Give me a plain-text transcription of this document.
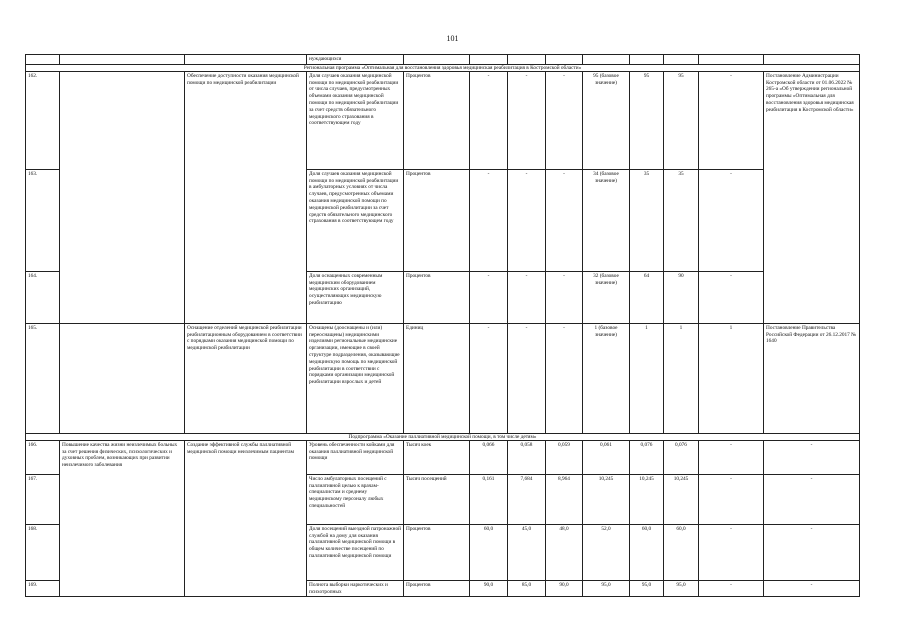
101
			нуждающихся									
Региональная программа «Оптимальная для восстановления здоровья медицинская реабилитация в Костромской области»												
162.		Обеспечение доступности оказания медицинской помощи по медицинской реабилитации	Доля случаев оказания медицинской помощи по медицинской реабилитации от числа случаев, предусмотренных объемами оказания медицинской помощи по медицинской реабилитации за счет средств обязательного медицинского страхования в соответствующем году	Процентов	-	-	-	95 (базовое значение)	95	95	-	Постановление Администрации Костромской области от 01.06.2022 № 265-а «Об утверждении региональной программы «Оптимальная для восстановления здоровья медицинская реабилитация в Костромской области»
163.			Доля случаев оказания медицинской помощи по медицинской реабилитации в амбулаторных условиях от числа случаев, предусмотренных объемами оказания медицинской помощи по медицинской реабилитации за счет средств обязательного медицинского страхования в соответствующем году	Процентов	-	-	-	34 (базовое значение)	35	35	-	
164.			Доля оснащенных современным медицинским оборудованием медицинских организаций, осуществляющих медицинскую реабилитацию	Процентов	-	-	-	32 (базовое значение)	64	90	-	
165.		Оснащение отделений медицинской реабилитации реабилитационным оборудованием в соответствии с порядками оказания медицинской помощи по медицинской реабилитации	Оснащены (дооснащены и (или) переоснащены) медицинскими изделиями региональные медицинские организации, имеющие в своей структуре подразделения, оказывающие медицинскую помощь по медицинской реабилитации в соответствии с порядками организации медицинской реабилитации взрослых и детей	Единиц	-	-	-	1 (базовое значение)	1	1	1	Постановление Правительства Российской Федерации от 26.12.2017 № 1640
Подпрограмма «Оказание паллиативной медицинской помощи, в том числе детям»												
166.	Повышение качества жизни неизлечимых больных за счет решения физических, психологических и духовных проблем, возникающих при развитии неизлечимого заболевания	Создание эффективной службы паллиативной медицинской помощи неизлечимым пациентам	Уровень обеспеченности койками для оказания паллиативной медицинской помощи	Тысяч коек	0,066	0,058	0,059	0,061	0,076	0,076	-	-
167.			Число амбулаторных посещений с паллиативной целью к врачам-специалистам и среднему медицинскому персоналу любых специальностей	Тысяч посещений	0,161	7,684	8,964	10,245	10,245	10,245	-	-
168.			Доля посещений выездной патронажной службой на дому для оказания паллиативной медицинской помощи в общем количестве посещений по паллиативной медицинской помощи	Процентов	60,0	45,0	48,0	52,0	60,0	60,0	-	-
169.			Полнота выборки наркотических и психотропных	Процентов	90,0	85,0	90,0	95,0	95,0	95,0	-	-
